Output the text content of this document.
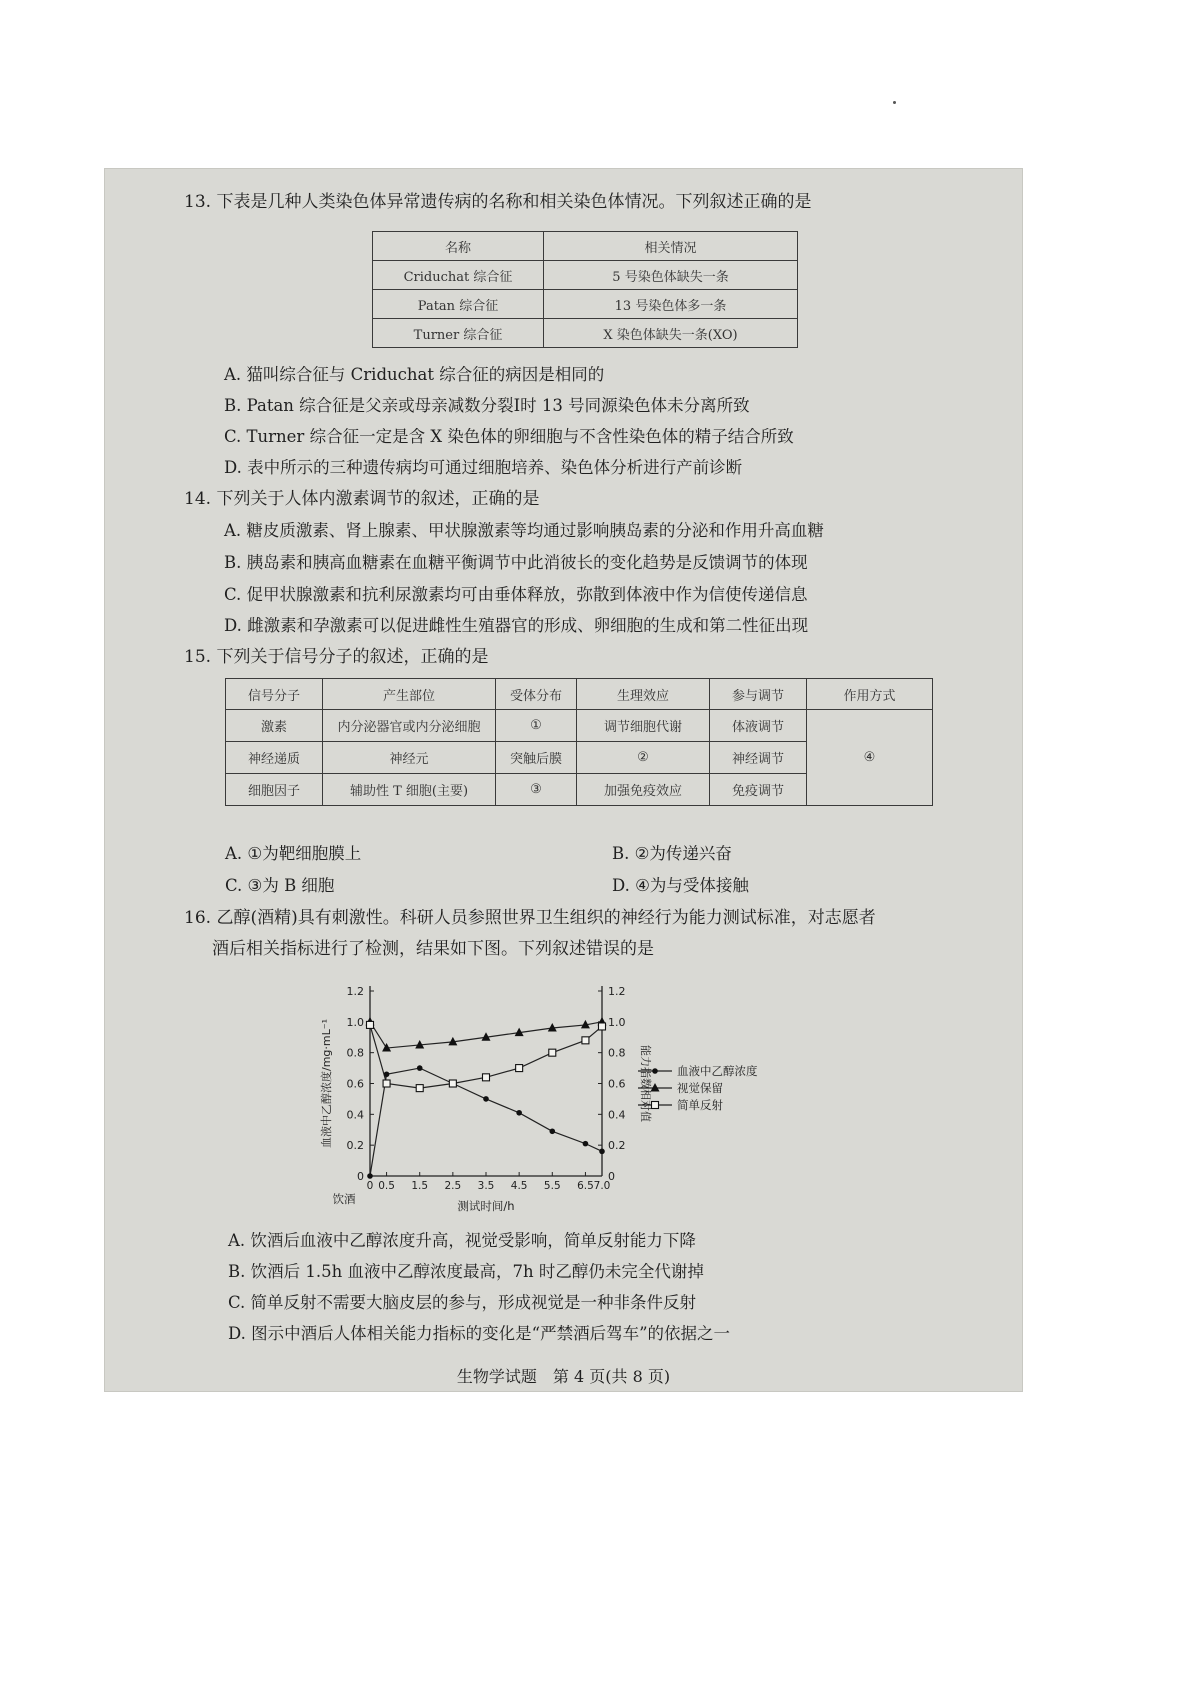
13. 下表是几种人类染色体异常遗传病的名称和相关染色体情况。下列叙述正确的是
名称	相关情况
Criduchat 综合征	5 号染色体缺失一条
Patan 综合征	13 号染色体多一条
Turner 综合征	X 染色体缺失一条(XO)
A. 猫叫综合征与 Criduchat 综合征的病因是相同的
B. Patan 综合征是父亲或母亲减数分裂Ⅰ时 13 号同源染色体未分离所致
C. Turner 综合征一定是含 X 染色体的卵细胞与不含性染色体的精子结合所致
D. 表中所示的三种遗传病均可通过细胞培养、染色体分析进行产前诊断
14. 下列关于人体内激素调节的叙述，正确的是
A. 糖皮质激素、肾上腺素、甲状腺激素等均通过影响胰岛素的分泌和作用升高血糖
B. 胰岛素和胰高血糖素在血糖平衡调节中此消彼长的变化趋势是反馈调节的体现
C. 促甲状腺激素和抗利尿激素均可由垂体释放，弥散到体液中作为信使传递信息
D. 雌激素和孕激素可以促进雌性生殖器官的形成、卵细胞的生成和第二性征出现
15. 下列关于信号分子的叙述，正确的是
信号分子	产生部位	受体分布	生理效应	参与调节	作用方式
激素	内分泌器官或内分泌细胞	①	调节细胞代谢	体液调节	④
神经递质	神经元	突触后膜	②	神经调节	
细胞因子	辅助性 T 细胞(主要)	③	加强免疫效应	免疫调节	
A. ①为靶细胞膜上	B. ②为传递兴奋
C. ③为 B 细胞	D. ④为与受体接触
16. 乙醇(酒精)具有刺激性。科研人员参照世界卫生组织的神经行为能力测试标准，对志愿者
酒后相关指标进行了检测，结果如下图。下列叙述错误的是
0	0
0.2	0.2
0.4	0.4
0.6	0.6
0.8	0.8
1.0	1.0
1.2	1.2
0 0.5 1.5 2.5 3.5 4.5 5.5 6.5 7.0
饮酒	测试时间/h
血液中乙醇浓度/mg·mL⁻¹	能力指数相对值 血液中乙醇浓度
视觉保留
简单反射
A. 饮酒后血液中乙醇浓度升高，视觉受影响，简单反射能力下降
B. 饮酒后 1.5h 血液中乙醇浓度最高，7h 时乙醇仍未完全代谢掉
C. 简单反射不需要大脑皮层的参与，形成视觉是一种非条件反射
D. 图示中酒后人体相关能力指标的变化是“严禁酒后驾车”的依据之一
生物学试题　第 4 页(共 8 页)
